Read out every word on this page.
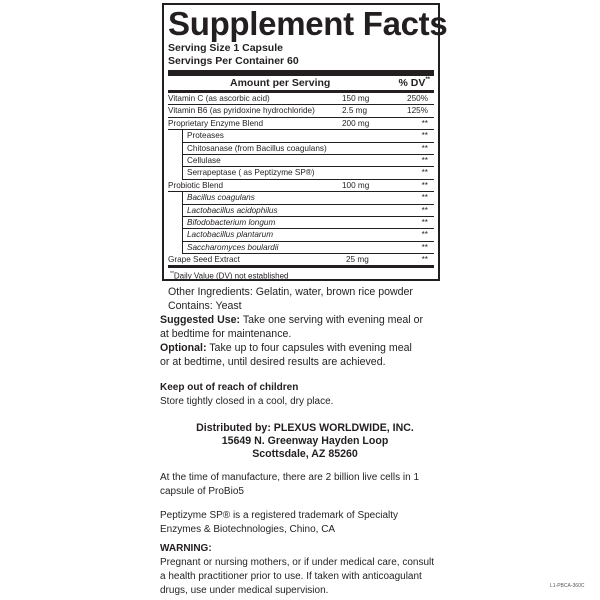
Supplement Facts
Serving Size 1 Capsule
Servings Per Container 60
Amount per Serving	% DV**
Vitamin C (as ascorbic acid)	150 mg	250%
Vitamin B6 (as pyridoxine hydrochloride)	2.5 mg	125%
Proprietary Enzyme Blend	200 mg	**
Proteases	**
Chitosanase (from Bacillus coagulans)	**
Cellulase	**
Serrapeptase ( as Peptizyme SP®)	**
Probiotic Blend	100 mg	**
Bacillus coagulans	**
Lactobacillus acidophilus	**
Bifodobacterium longum	**
Lactobacillus plantarum	**
Saccharomyces boulardii	**
Grape Seed Extract	25 mg	**
**Daily Value (DV) not established
Other Ingredients: Gelatin, water, brown rice powder
Contains: Yeast
Suggested Use: Take one serving with evening meal or
at bedtime for maintenance.
Optional: Take up to four capsules with evening meal
or at bedtime, until desired results are achieved.
Keep out of reach of children
Store tightly closed in a cool, dry place.
Distributed by: PLEXUS WORLDWIDE, INC.
15649 N. Greenway Hayden Loop
Scottsdale, AZ 85260
At the time of manufacture, there are 2 billion live cells in 1
capsule of ProBio5
Peptizyme SP® is a registered trademark of Specialty
Enzymes & Biotechnologies, Chino, CA
WARNING:
Pregnant or nursing mothers, or if under medical care, consult
a health practitioner prior to use. If taken with anticoagulant
drugs, use under medical supervision.	L1-PBCA-360C
